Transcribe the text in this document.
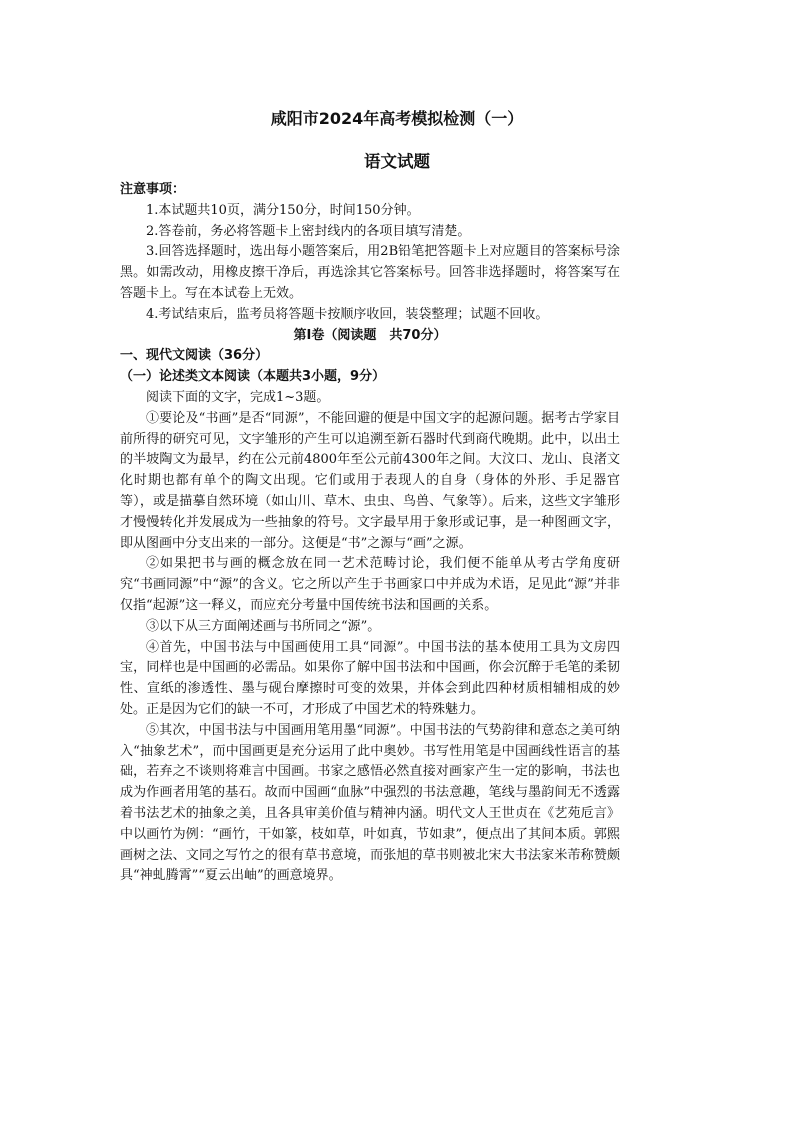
咸阳市2024年高考模拟检测（一）
语文试题

注意事项：

1.本试题共10页，满分150分，时间150分钟。

2.答卷前，务必将答题卡上密封线内的各项目填写清楚。

3.回答选择题时，选出每小题答案后，用2B铅笔把答题卡上对应题目的答案标号涂黑。如需改动，用橡皮擦干净后，再选涂其它答案标号。回答非选择题时，将答案写在答题卡上。写在本试卷上无效。

4.考试结束后，监考员将答题卡按顺序收回，装袋整理；试题不回收。

第Ⅰ卷（阅读题　共70分）

一、现代文阅读（36分）

（一）论述类文本阅读（本题共3小题，9分）

阅读下面的文字，完成1~3题。

①要论及“书画”是否“同源”，不能回避的便是中国文字的起源问题。据考古学家目前所得的研究可见，文字雏形的产生可以追溯至新石器时代到商代晚期。此中，以出土的半坡陶文为最早，约在公元前4800年至公元前4300年之间。大汶口、龙山、良渚文化时期也都有单个的陶文出现。它们或用于表现人的自身（身体的外形、手足器官等），或是描摹自然环境（如山川、草木、虫虫、鸟兽、气象等）。后来，这些文字雏形才慢慢转化并发展成为一些抽象的符号。文字最早用于象形或记事，是一种图画文字，即从图画中分支出来的一部分。这便是“书”之源与“画”之源。

②如果把书与画的概念放在同一艺术范畴讨论，我们便不能单从考古学角度研究“书画同源”中“源”的含义。它之所以产生于书画家口中并成为术语，足见此“源”并非仅指“起源”这一释义，而应充分考量中国传统书法和国画的关系。

③以下从三方面阐述画与书所同之“源”。

④首先，中国书法与中国画使用工具“同源”。中国书法的基本使用工具为文房四宝，同样也是中国画的必需品。如果你了解中国书法和中国画，你会沉醉于毛笔的柔韧性、宣纸的渗透性、墨与砚台摩擦时可变的效果，并体会到此四种材质相辅相成的妙处。正是因为它们的缺一不可，才形成了中国艺术的特殊魅力。

⑤其次，中国书法与中国画用笔用墨“同源”。中国书法的气势韵律和意态之美可纳入“抽象艺术”，而中国画更是充分运用了此中奥妙。书写性用笔是中国画线性语言的基础，若弃之不谈则将难言中国画。书家之感悟必然直接对画家产生一定的影响，书法也成为作画者用笔的基石。故而中国画“血脉”中强烈的书法意趣，笔线与墨韵间无不透露着书法艺术的抽象之美，且各具审美价值与精神内涵。明代文人王世贞在《艺苑卮言》中以画竹为例：“画竹，干如篆，枝如草，叶如真，节如隶”，便点出了其间本质。郭熙画树之法、文同之写竹之的很有草书意境，而张旭的草书则被北宋大书法家米芾称赞颇具“神虬腾霄”“夏云出岫”的画意境界。
